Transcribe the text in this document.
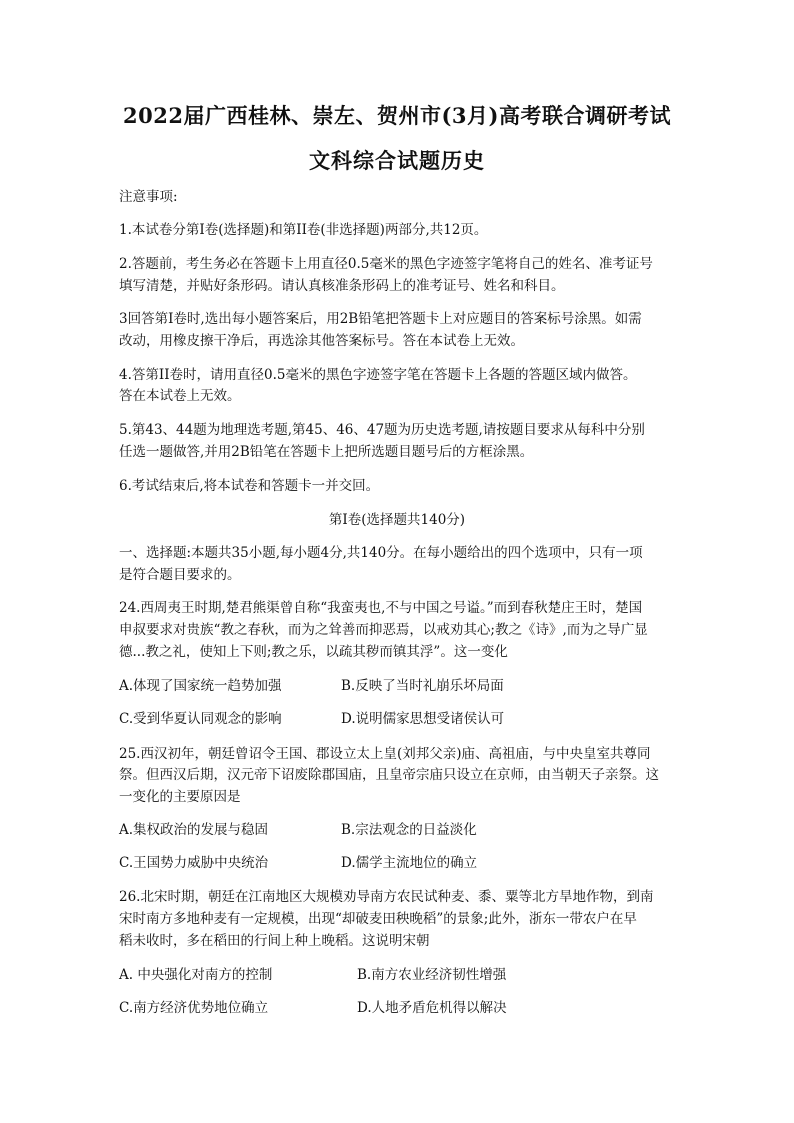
2022届广西桂林、崇左、贺州市(3月)高考联合调研考试
文科综合试题历史
注意事项:
1.本试卷分第Ⅰ卷(选择题)和第II卷(非选择题)两部分,共12页。
2.答题前，考生务必在答题卡上用直径0.5毫米的黑色字迹签字笔将自己的姓名、准考证号
填写清楚，并贴好条形码。请认真核准条形码上的准考证号、姓名和科目。
3回答第Ⅰ卷时,选出每小题答案后，用2B铅笔把答题卡上对应题目的答案标号涂黑。如需
改动，用橡皮擦干净后，再选涂其他答案标号。答在本试卷上无效。
4.答第II卷时，请用直径0.5毫米的黑色字迹签字笔在答题卡上各题的答题区域内做答。
答在本试卷上无效。
5.第43、44题为地理选考题,第45、46、47题为历史选考题,请按题目要求从每科中分别
任选一题做答,并用2B铅笔在答题卡上把所选题目题号后的方框涂黑。
6.考试结束后,将本试卷和答题卡一并交回。
第Ⅰ卷(选择题共140分)
一、选择题:本题共35小题,每小题4分,共140分。在每小题给出的四个选项中，只有一项
是符合题目要求的。
24.西周夷王时期,楚君熊渠曾自称“我蛮夷也,不与中国之号谥。”而到春秋楚庄王时，楚国
申叔要求对贵族“教之春秋，而为之耸善而抑恶焉，以戒劝其心;教之《诗》,而为之导广显
德...教之礼，使知上下则;教之乐，以疏其秽而镇其浮”。这一变化
A.体现了国家统一趋势加强	B.反映了当时礼崩乐坏局面
C.受到华夏认同观念的影响	D.说明儒家思想受诸侯认可
25.西汉初年，朝廷曾诏令王国、郡设立太上皇(刘邦父亲)庙、高祖庙，与中央皇室共尊同
祭。但西汉后期，汉元帝下诏废除郡国庙，且皇帝宗庙只设立在京师，由当朝天子亲祭。这
一变化的主要原因是
A.集权政治的发展与稳固	B.宗法观念的日益淡化
C.王国势力威胁中央统治	D.儒学主流地位的确立
26.北宋时期，朝廷在江南地区大规模劝导南方农民试种麦、黍、粟等北方旱地作物，到南
宋时南方多地种麦有一定规模，出现“却破麦田秧晚稻”的景象;此外，浙东一带农户在早
稻未收时，多在稻田的行间上种上晚稻。这说明宋朝
A. 中央强化对南方的控制	B.南方农业经济韧性增强
C.南方经济优势地位确立	D.人地矛盾危机得以解决
